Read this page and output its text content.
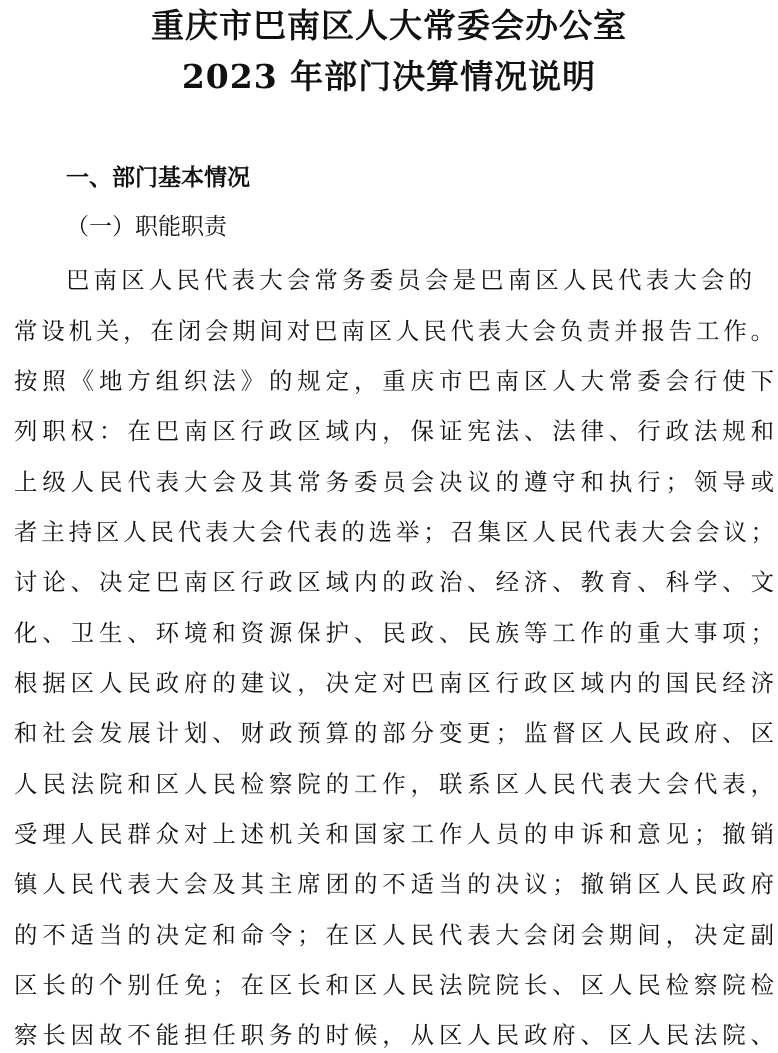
重庆市巴南区人大常委会办公室
2023 年部门决算情况说明
一、部门基本情况
（一）职能职责
巴南区人民代表大会常务委员会是巴南区人民代表大会的
常设机关，在闭会期间对巴南区人民代表大会负责并报告工作。
按照《地方组织法》的规定，重庆市巴南区人大常委会行使下
列职权：在巴南区行政区域内，保证宪法、法律、行政法规和
上级人民代表大会及其常务委员会决议的遵守和执行；领导或
者主持区人民代表大会代表的选举；召集区人民代表大会会议；
讨论、决定巴南区行政区域内的政治、经济、教育、科学、文
化、卫生、环境和资源保护、民政、民族等工作的重大事项；
根据区人民政府的建议，决定对巴南区行政区域内的国民经济
和社会发展计划、财政预算的部分变更；监督区人民政府、区
人民法院和区人民检察院的工作，联系区人民代表大会代表，
受理人民群众对上述机关和国家工作人员的申诉和意见；撤销
镇人民代表大会及其主席团的不适当的决议；撤销区人民政府
的不适当的决定和命令；在区人民代表大会闭会期间，决定副
区长的个别任免；在区长和区人民法院院长、区人民检察院检
察长因故不能担任职务的时候，从区人民政府、区人民法院、
